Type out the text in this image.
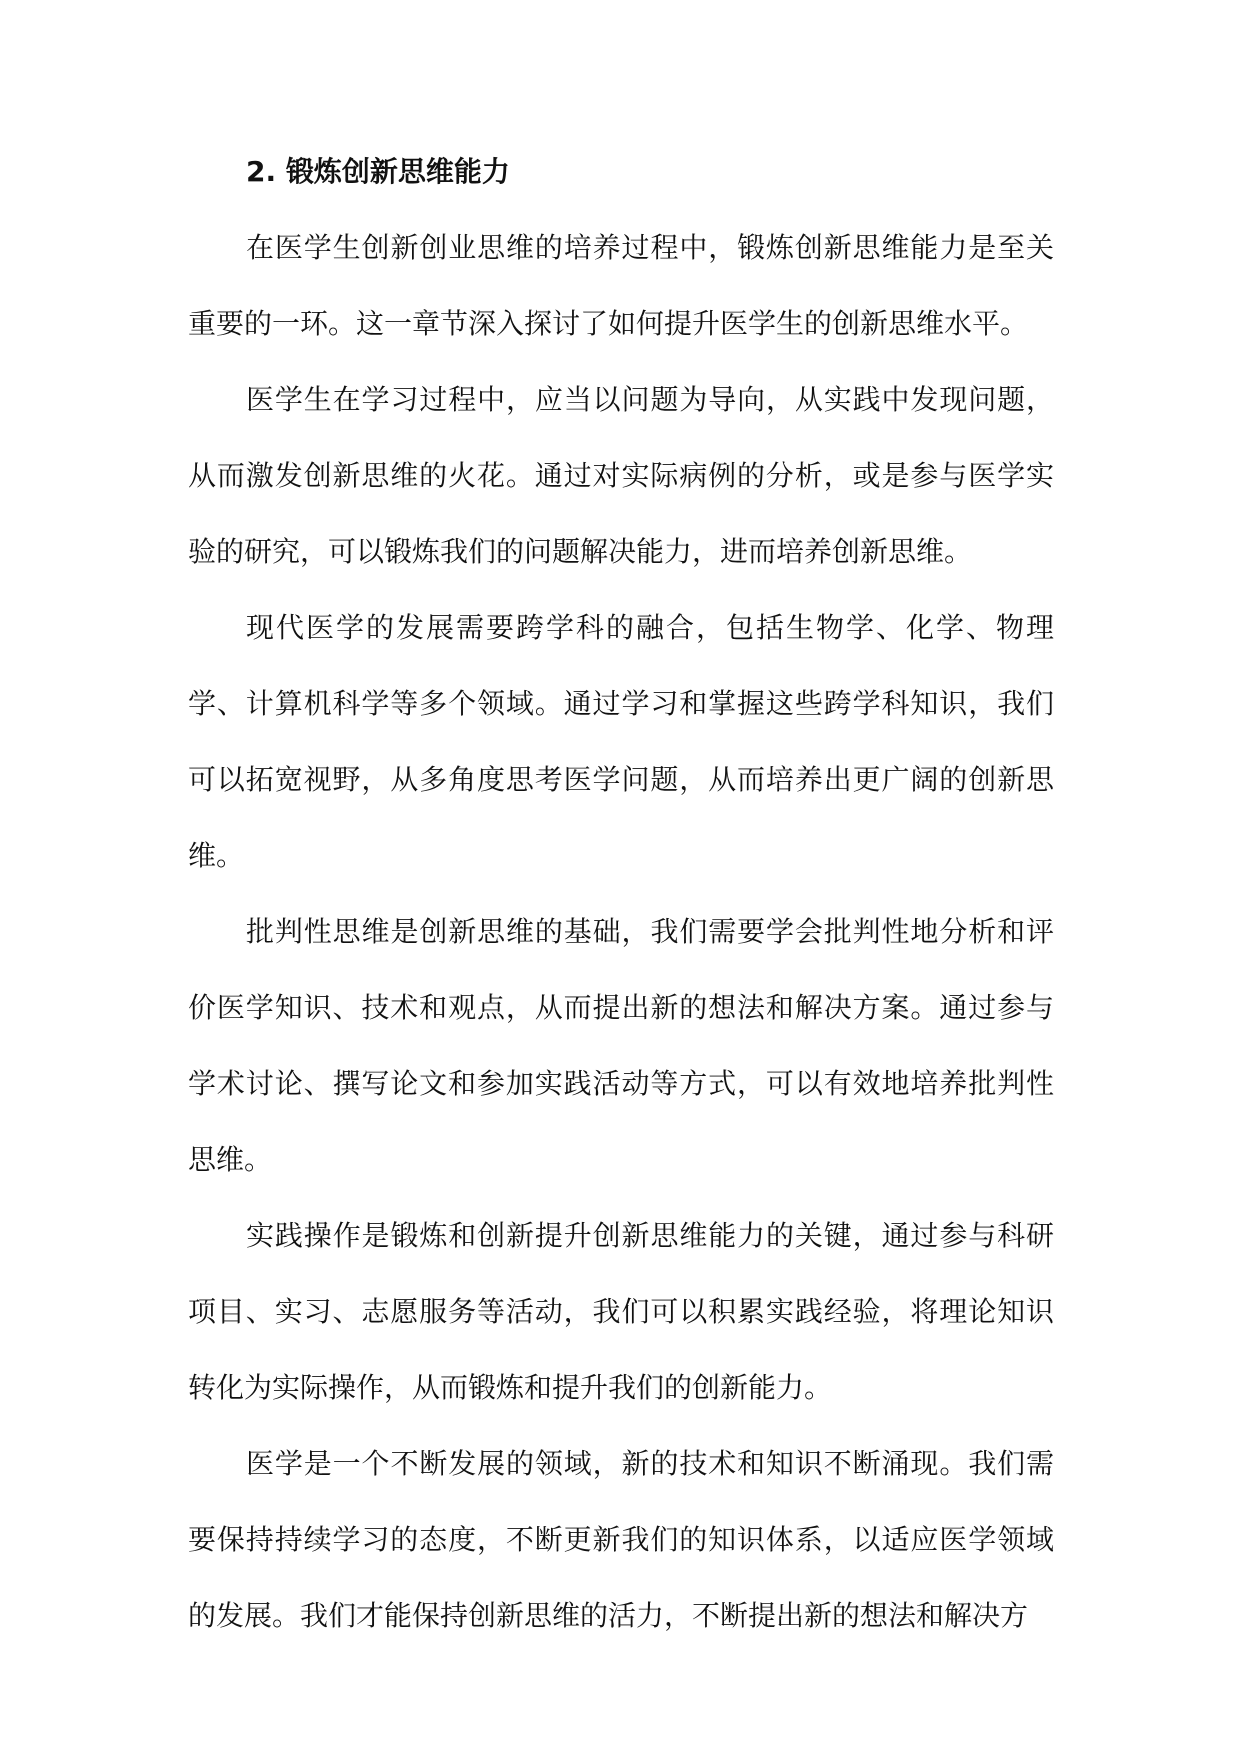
2. 锻炼创新思维能力

在医学生创新创业思维的培养过程中，锻炼创新思维能力是至关重要的一环。这一章节深入探讨了如何提升医学生的创新思维水平。

医学生在学习过程中，应当以问题为导向，从实践中发现问题，从而激发创新思维的火花。通过对实际病例的分析，或是参与医学实验的研究，可以锻炼我们的问题解决能力，进而培养创新思维。

现代医学的发展需要跨学科的融合，包括生物学、化学、物理学、计算机科学等多个领域。通过学习和掌握这些跨学科知识，我们可以拓宽视野，从多角度思考医学问题，从而培养出更广阔的创新思维。

批判性思维是创新思维的基础，我们需要学会批判性地分析和评价医学知识、技术和观点，从而提出新的想法和解决方案。通过参与学术讨论、撰写论文和参加实践活动等方式，可以有效地培养批判性思维。

实践操作是锻炼和创新提升创新思维能力的关键，通过参与科研项目、实习、志愿服务等活动，我们可以积累实践经验，将理论知识转化为实际操作，从而锻炼和提升我们的创新能力。

医学是一个不断发展的领域，新的技术和知识不断涌现。我们需要保持持续学习的态度，不断更新我们的知识体系，以适应医学领域的发展。我们才能保持创新思维的活力，不断提出新的想法和解决方
